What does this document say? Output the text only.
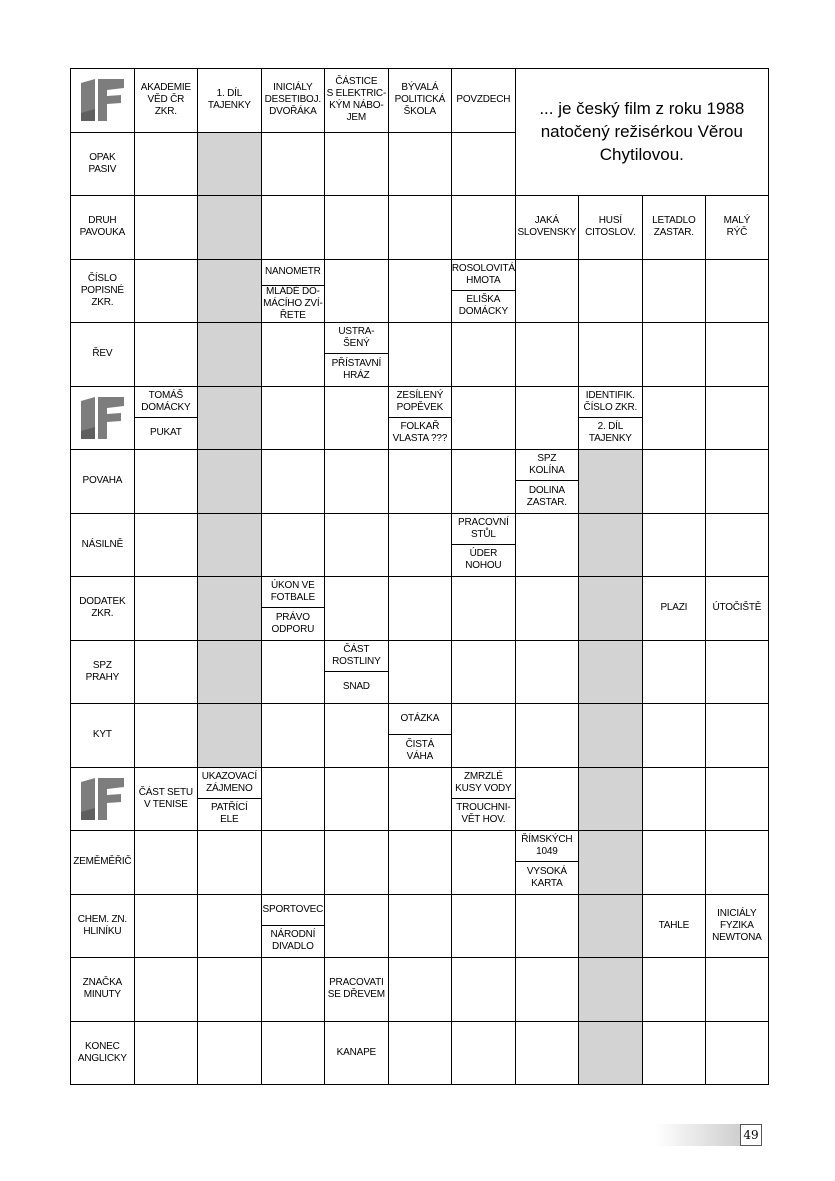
AKADEMIE
VĚD ČR
ZKR.
1. DÍL
TAJENKY
INICIÁLY
DESETIBOJ.
DVOŘÁKA
ČÁSTICE
S ELEKTRIC-
KÝM NÁBO-
JEM
BÝVALÁ
POLITICKÁ
ŠKOLA
POVZDECH
OPAK
PASIV
DRUH
PAVOUKA
JAKÁ
SLOVENSKY
HUSÍ
CITOSLOV.
LETADLO
ZASTAR.
MALÝ
RÝČ
ČÍSLO
POPISNÉ
ZKR.
NANOMETR
MLÁDĚ DO-
MÁCÍHO ZVÍ-
ŘETE
ROSOLOVITÁ
HMOTA
ELIŠKA
DOMÁCKY
ŘEV
USTRA-
ŠENÝ
PŘÍSTAVNÍ
HRÁZ
TOMÁŠ
DOMÁCKY
PUKAT
ZESÍLENÝ
POPĚVEK
FOLKAŘ
VLASTA ???
IDENTIFIK.
ČÍSLO ZKR.
2. DÍL
TAJENKY
POVAHA
SPZ
KOLÍNA
DOLINA
ZASTAR.
NÁSILNĚ
PRACOVNÍ
STŮL
ÚDER
NOHOU
DODATEK
ZKR.
ÚKON VE
FOTBALE
PRÁVO
ODPORU
PLAZI	ÚTOČIŠTĚ
SPZ
PRAHY
ČÁST
ROSTLINY
SNAD
KYT
OTÁZKA
ČISTÁ
VÁHA
ČÁST SETU
V TENISE
UKAZOVACÍ
ZÁJMENO
PATŘÍCÍ
ELE
ZMRZLÉ
KUSY VODY
TROUCHNI-
VĚT HOV.
ZEMĚMĚŘIČ
ŘÍMSKÝCH
1049
VYSOKÁ
KARTA
CHEM. ZN.
HLINÍKU
SPORTOVEC
NÁRODNÍ
DIVADLO
TAHLE
INICIÁLY
FYZIKA
NEWTONA
ZNAČKA
MINUTY
PRACOVATI
SE DŘEVEM
KONEC
ANGLICKY
KANAPE
... je český film z roku 1988 natočený režisérkou Věrou Chytilovou.
49
